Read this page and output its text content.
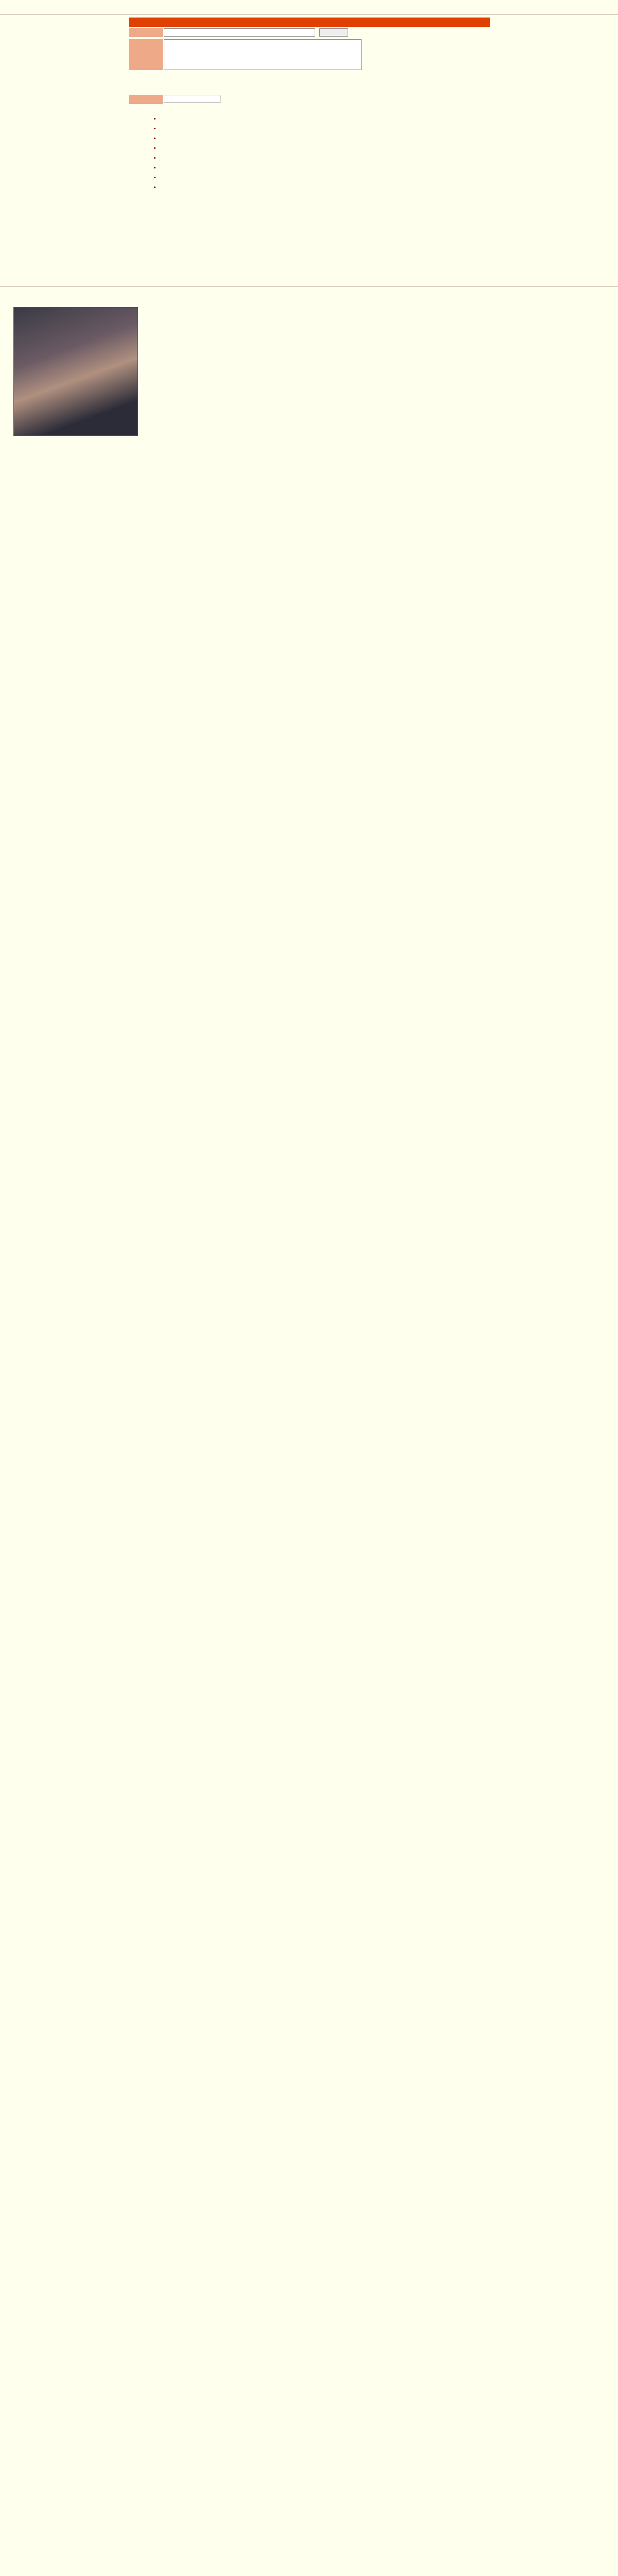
•
•
•
•
•
•
•
•
